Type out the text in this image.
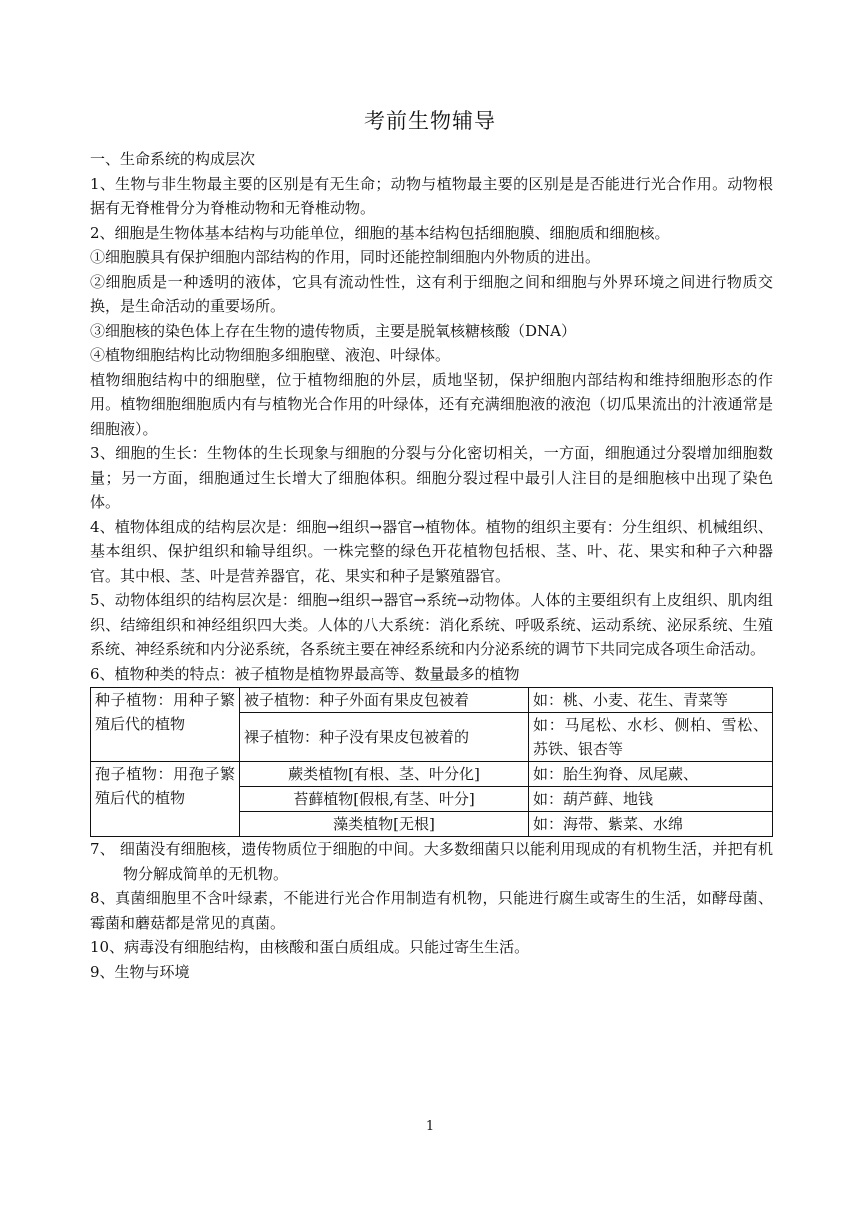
考前生物辅导

一、生命系统的构成层次

1、生物与非生物最主要的区别是有无生命；动物与植物最主要的区别是是否能进行光合作用。动物根据有无脊椎骨分为脊椎动物和无脊椎动物。

2、细胞是生物体基本结构与功能单位，细胞的基本结构包括细胞膜、细胞质和细胞核。

①细胞膜具有保护细胞内部结构的作用，同时还能控制细胞内外物质的进出。

②细胞质是一种透明的液体，它具有流动性性，这有利于细胞之间和细胞与外界环境之间进行物质交换，是生命活动的重要场所。

③细胞核的染色体上存在生物的遗传物质，主要是脱氧核糖核酸（DNA）

④植物细胞结构比动物细胞多细胞壁、液泡、叶绿体。

植物细胞结构中的细胞壁，位于植物细胞的外层，质地坚韧，保护细胞内部结构和维持细胞形态的作用。植物细胞细胞质内有与植物光合作用的叶绿体，还有充满细胞液的液泡（切瓜果流出的汁液通常是细胞液）。

3、细胞的生长：生物体的生长现象与细胞的分裂与分化密切相关，一方面，细胞通过分裂增加细胞数量；另一方面，细胞通过生长增大了细胞体积。细胞分裂过程中最引人注目的是细胞核中出现了染色体。

4、植物体组成的结构层次是：细胞→组织→器官→植物体。植物的组织主要有：分生组织、机械组织、基本组织、保护组织和输导组织。一株完整的绿色开花植物包括根、茎、叶、花、果实和种子六种器官。其中根、茎、叶是营养器官，花、果实和种子是繁殖器官。

5、动物体组织的结构层次是：细胞→组织→器官→系统→动物体。人体的主要组织有上皮组织、肌肉组织、结缔组织和神经组织四大类。人体的八大系统：消化系统、呼吸系统、运动系统、泌尿系统、生殖系统、神经系统和内分泌系统，各系统主要在神经系统和内分泌系统的调节下共同完成各项生命活动。

6、植物种类的特点：被子植物是植物界最高等、数量最多的植物

种子植物：用种子繁殖后代的植物	被子植物：种子外面有果皮包被着	如：桃、小麦、花生、青菜等
	裸子植物：种子没有果皮包被着的	如：马尾松、水杉、侧柏、雪松、苏铁、银杏等
孢子植物：用孢子繁殖后代的植物	蕨类植物[有根、茎、叶分化]	如：胎生狗脊、凤尾蕨、
	苔藓植物[假根,有茎、叶分]	如：葫芦藓、地钱
	藻类植物[无根]	如：海带、紫菜、水绵

7、 细菌没有细胞核，遗传物质位于细胞的中间。大多数细菌只以能利用现成的有机物生活，并把有机物分解成简单的无机物。

8、真菌细胞里不含叶绿素，不能进行光合作用制造有机物，只能进行腐生或寄生的生活，如酵母菌、霉菌和蘑菇都是常见的真菌。

10、病毒没有细胞结构，由核酸和蛋白质组成。只能过寄生生活。

9、生物与环境

1
